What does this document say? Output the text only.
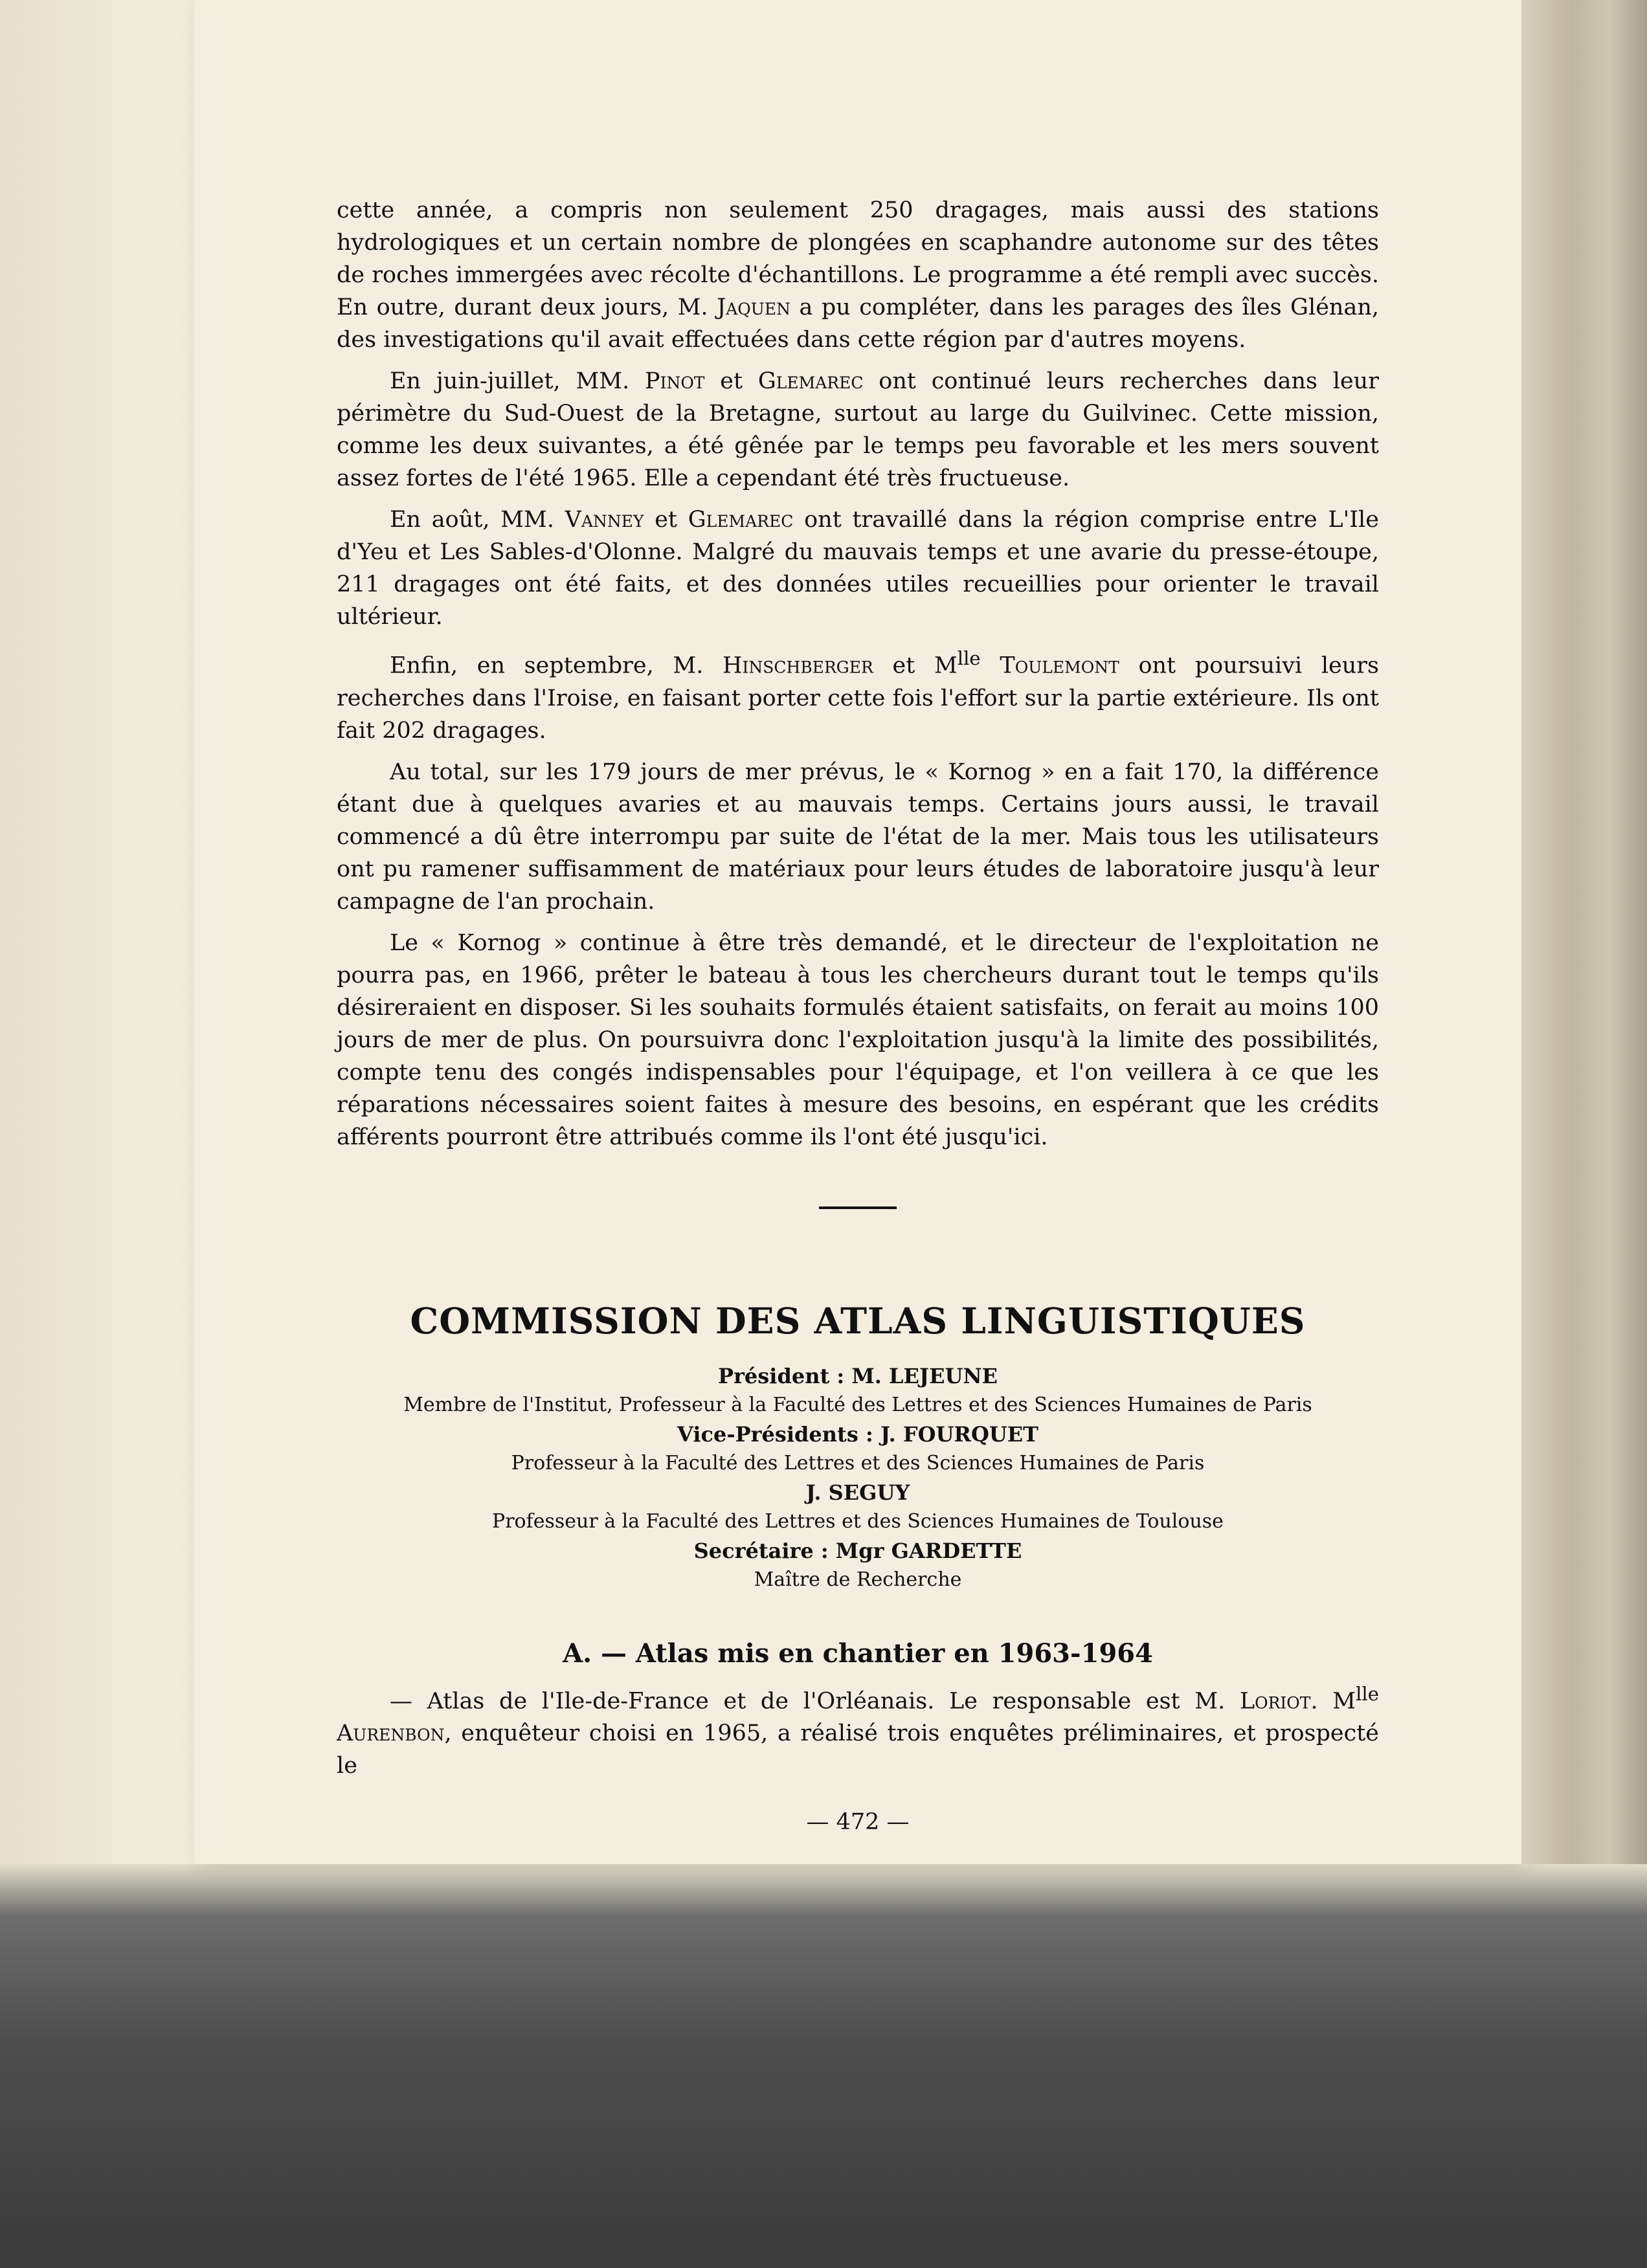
cette année, a compris non seulement 250 dragages, mais aussi des stations hydrologiques et un certain nombre de plongées en scaphandre autonome sur des têtes de roches immergées avec récolte d'échantillons. Le programme a été rempli avec succès. En outre, durant deux jours, M. Jaquen a pu compléter, dans les parages des îles Glénan, des investigations qu'il avait effectuées dans cette région par d'autres moyens.

En juin-juillet, MM. Pinot et Glemarec ont continué leurs recherches dans leur périmètre du Sud-Ouest de la Bretagne, surtout au large du Guilvinec. Cette mission, comme les deux suivantes, a été gênée par le temps peu favorable et les mers souvent assez fortes de l'été 1965. Elle a cependant été très fructueuse.

En août, MM. Vanney et Glemarec ont travaillé dans la région comprise entre L'Ile d'Yeu et Les Sables-d'Olonne. Malgré du mauvais temps et une avarie du presse-étoupe, 211 dragages ont été faits, et des données utiles recueillies pour orienter le travail ultérieur.

Enfin, en septembre, M. Hinschberger et $M^{lle}$ Toulemont ont poursuivi leurs recherches dans l'Iroise, en faisant porter cette fois l'effort sur la partie extérieure. Ils ont fait 202 dragages.

Au total, sur les 179 jours de mer prévus, le « Kornog » en a fait 170, la différence étant due à quelques avaries et au mauvais temps. Certains jours aussi, le travail commencé a dû être interrompu par suite de l'état de la mer. Mais tous les utilisateurs ont pu ramener suffisamment de matériaux pour leurs études de laboratoire jusqu'à leur campagne de l'an prochain.

Le « Kornog » continue à être très demandé, et le directeur de l'exploitation ne pourra pas, en 1966, prêter le bateau à tous les chercheurs durant tout le temps qu'ils désireraient en disposer. Si les souhaits formulés étaient satisfaits, on ferait au moins 100 jours de mer de plus. On poursuivra donc l'exploitation jusqu'à la limite des possibilités, compte tenu des congés indispensables pour l'équipage, et l'on veillera à ce que les réparations nécessaires soient faites à mesure des besoins, en espérant que les crédits afférents pourront être attribués comme ils l'ont été jusqu'ici.

COMMISSION DES ATLAS LINGUISTIQUES
Président : M. LEJEUNE
Membre de l'Institut, Professeur à la Faculté des Lettres et des Sciences Humaines de Paris
Vice-Présidents : J. FOURQUET
Professeur à la Faculté des Lettres et des Sciences Humaines de Paris
J. SEGUY
Professeur à la Faculté des Lettres et des Sciences Humaines de Toulouse
Secrétaire : Mgr GARDETTE
Maître de Recherche
A. — Atlas mis en chantier en 1963-1964

— Atlas de l'Ile-de-France et de l'Orléanais. Le responsable est M. Loriot. $M^{lle}$ Aurenbon, enquêteur choisi en 1965, a réalisé trois enquêtes préliminaires, et prospecté le

— 472 —
